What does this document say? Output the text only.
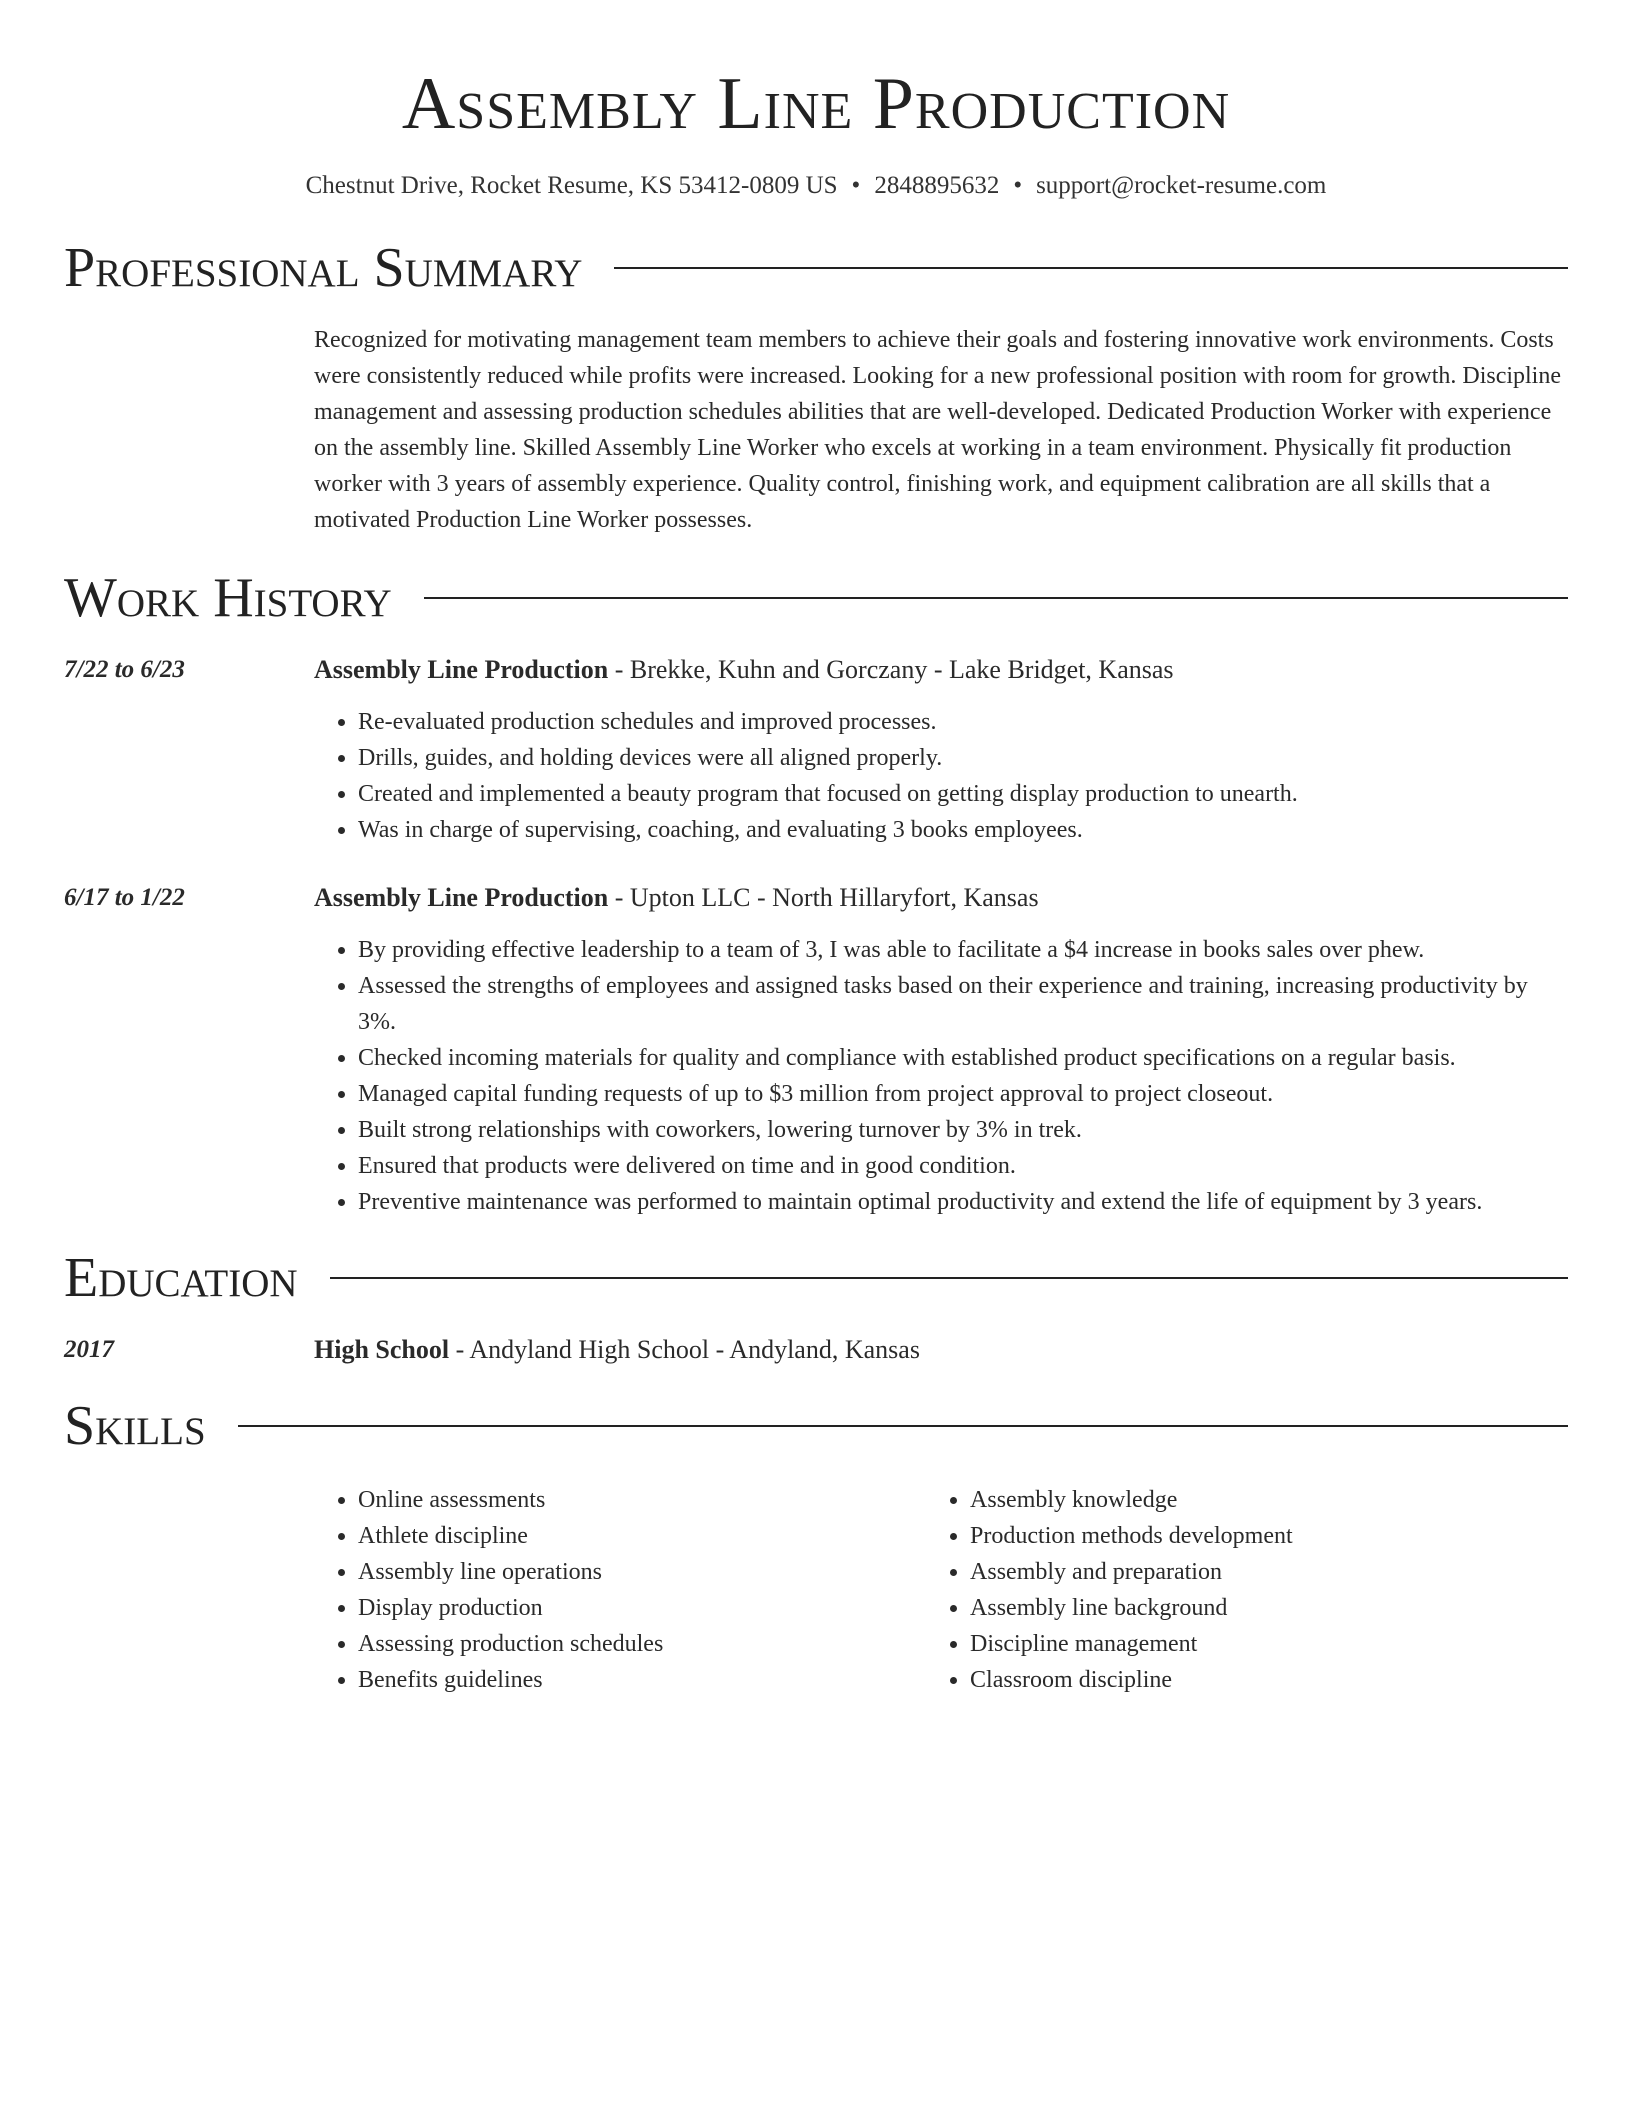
Assembly Line Production
Chestnut Drive, Rocket Resume, KS 53412-0809 US • 2848895632 • support@rocket-resume.com
Professional Summary
Recognized for motivating management team members to achieve their goals and fostering innovative work environments. Costs were consistently reduced while profits were increased. Looking for a new professional position with room for growth. Discipline management and assessing production schedules abilities that are well-developed. Dedicated Production Worker with experience on the assembly line. Skilled Assembly Line Worker who excels at working in a team environment. Physically fit production worker with 3 years of assembly experience. Quality control, finishing work, and equipment calibration are all skills that a motivated Production Line Worker possesses.
Work History
7/22 to 6/23	Assembly Line Production - Brekke, Kuhn and Gorczany - Lake Bridget, Kansas
• Re-evaluated production schedules and improved processes.
• Drills, guides, and holding devices were all aligned properly.
• Created and implemented a beauty program that focused on getting display production to unearth.
• Was in charge of supervising, coaching, and evaluating 3 books employees.
6/17 to 1/22	Assembly Line Production - Upton LLC - North Hillaryfort, Kansas
• By providing effective leadership to a team of 3, I was able to facilitate a $4 increase in books sales over phew.
• Assessed the strengths of employees and assigned tasks based on their experience and training, increasing productivity by 3%.
• Checked incoming materials for quality and compliance with established product specifications on a regular basis.
• Managed capital funding requests of up to $3 million from project approval to project closeout.
• Built strong relationships with coworkers, lowering turnover by 3% in trek.
• Ensured that products were delivered on time and in good condition.
• Preventive maintenance was performed to maintain optimal productivity and extend the life of equipment by 3 years.
Education
2017	High School - Andyland High School - Andyland, Kansas
Skills
• Online assessments
• Athlete discipline
• Assembly line operations
• Display production
• Assessing production schedules
• Benefits guidelines
• Assembly knowledge
• Production methods development
• Assembly and preparation
• Assembly line background
• Discipline management
• Classroom discipline
